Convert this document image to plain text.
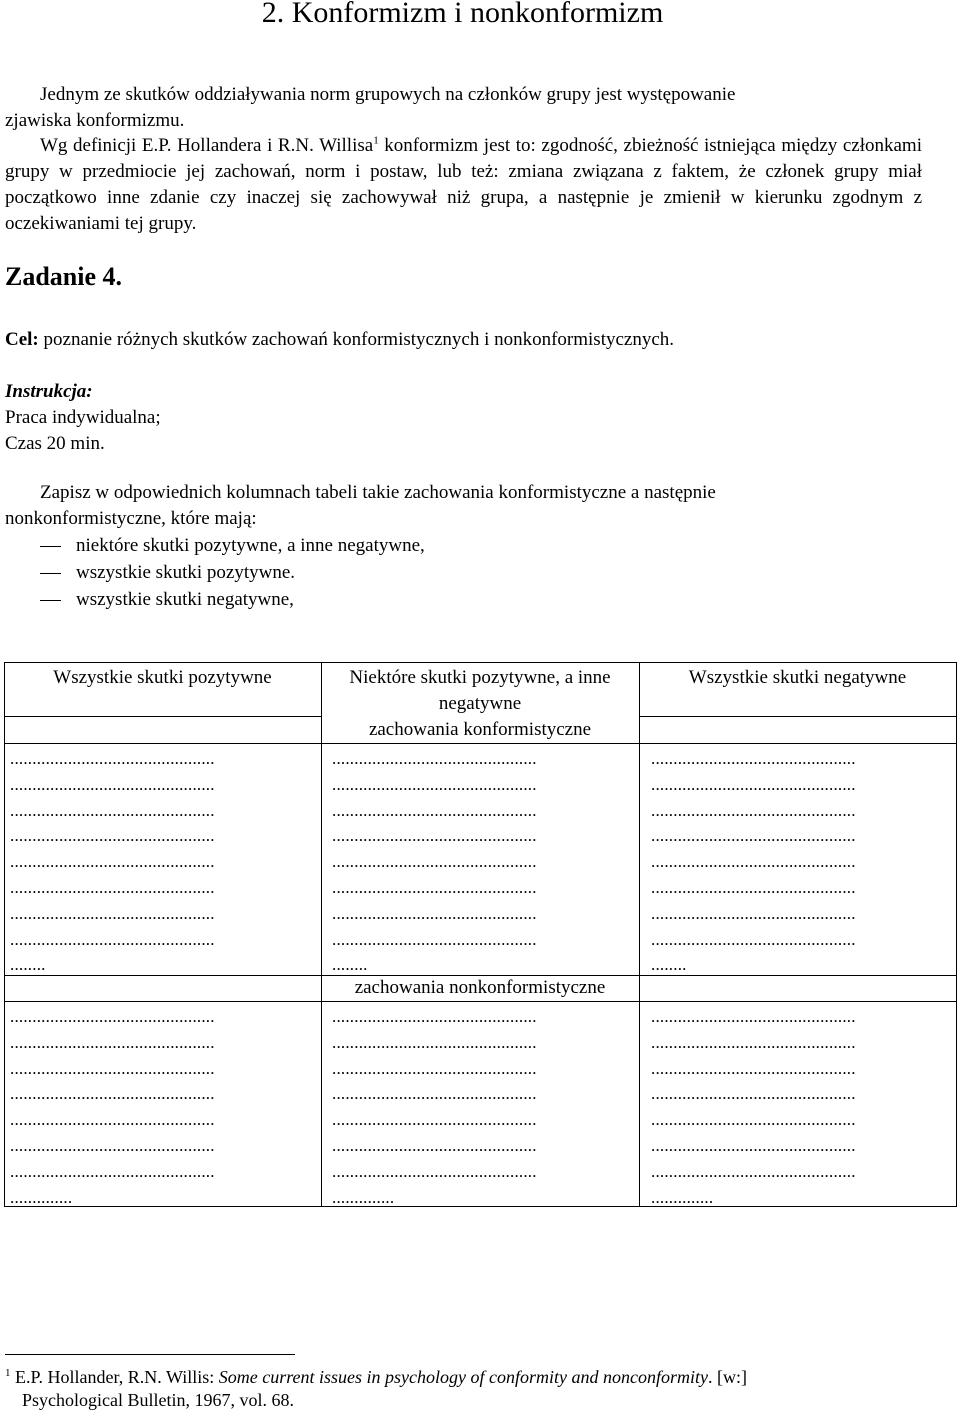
2. Konformizm i nonkonformizm
Jednym ze skutków oddziaływania norm grupowych na członków grupy jest występowanie
zjawiska konformizmu.

Wg definicji E.P. Hollandera i R.N. Willisa$^1$ konformizm jest to: zgodność, zbieżność istniejąca między członkami grupy w przedmiocie jej zachowań, norm i postaw, lub też: zmiana związana z faktem, że członek grupy miał początkowo inne zdanie czy inaczej się zachowywał niż grupa, a następnie je zmienił w kierunku zgodnym z oczekiwaniami tej grupy.

Zadanie 4.
Cel: poznanie różnych skutków zachowań konformistycznych i nonkonformistycznych.
Instrukcja:
Praca indywidualna;
Czas 20 min.
Zapisz w odpowiednich kolumnach tabeli takie zachowania konformistyczne a następnie
nonkonformistyczne, które mają:
niektóre skutki pozytywne, a inne negatywne,
wszystkie skutki pozytywne.
wszystkie skutki negatywne,
Wszystkie skutki pozytywne	Niektóre skutki pozytywne, a inne negatywne
Wszystkie skutki negatywne
zachowania konformistyczne
zachowania nonkonformistyczne
..............................................
..............................................
..............................................
..............................................
..............................................
..............................................
..............................................
..............................................
........
..............................................
..............................................
..............................................
..............................................
..............................................
..............................................
..............................................
..............................................
........
..............................................
..............................................
..............................................
..............................................
..............................................
..............................................
..............................................
..............................................
........
..............................................
..............................................
..............................................
..............................................
..............................................
..............................................
..............................................
..............
..............................................
..............................................
..............................................
..............................................
..............................................
..............................................
..............................................
..............
..............................................
..............................................
..............................................
..............................................
..............................................
..............................................
..............................................
..............
$^1$ E.P. Hollander, R.N. Willis: Some current issues in psychology of conformity and nonconformity. [w:]
Psychological Bulletin, 1967, vol. 68.
